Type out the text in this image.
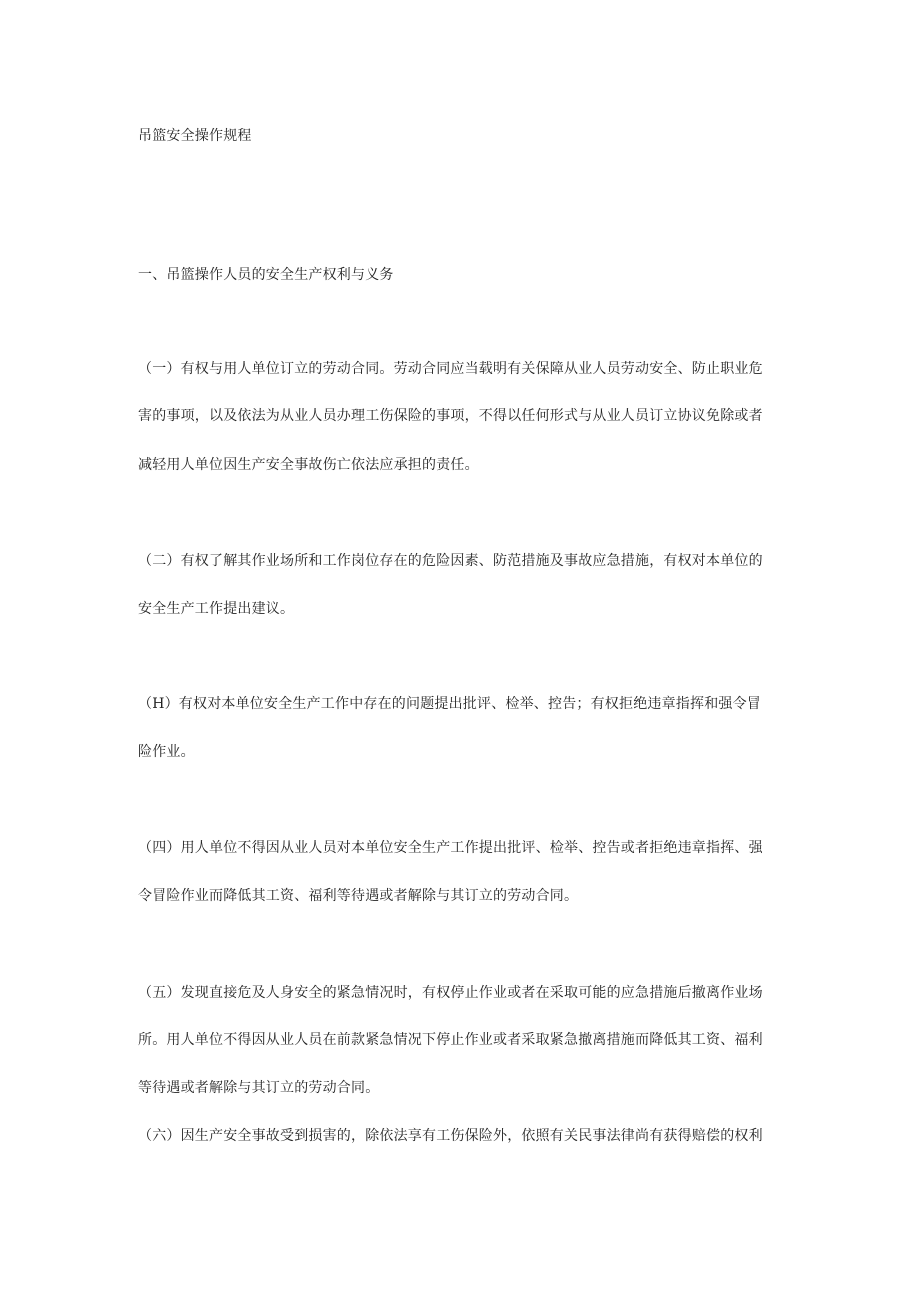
吊篮安全操作规程
一、吊篮操作人员的安全生产权利与义务
（一）有权与用人单位订立的劳动合同。劳动合同应当载明有关保障从业人员劳动安全、防止职业危
害的事项，以及依法为从业人员办理工伤保险的事项，不得以任何形式与从业人员订立协议免除或者
减轻用人单位因生产安全事故伤亡依法应承担的责任。
（二）有权了解其作业场所和工作岗位存在的危险因素、防范措施及事故应急措施，有权对本单位的
安全生产工作提出建议。
（H）有权对本单位安全生产工作中存在的问题提出批评、检举、控告；有权拒绝违章指挥和强令冒
险作业。
（四）用人单位不得因从业人员对本单位安全生产工作提出批评、检举、控告或者拒绝违章指挥、强
令冒险作业而降低其工资、福利等待遇或者解除与其订立的劳动合同。
（五）发现直接危及人身安全的紧急情况时，有权停止作业或者在采取可能的应急措施后撤离作业场
所。用人单位不得因从业人员在前款紧急情况下停止作业或者采取紧急撤离措施而降低其工资、福利
等待遇或者解除与其订立的劳动合同。
（六）因生产安全事故受到损害的，除依法享有工伤保险外，依照有关民事法律尚有获得赔偿的权利
